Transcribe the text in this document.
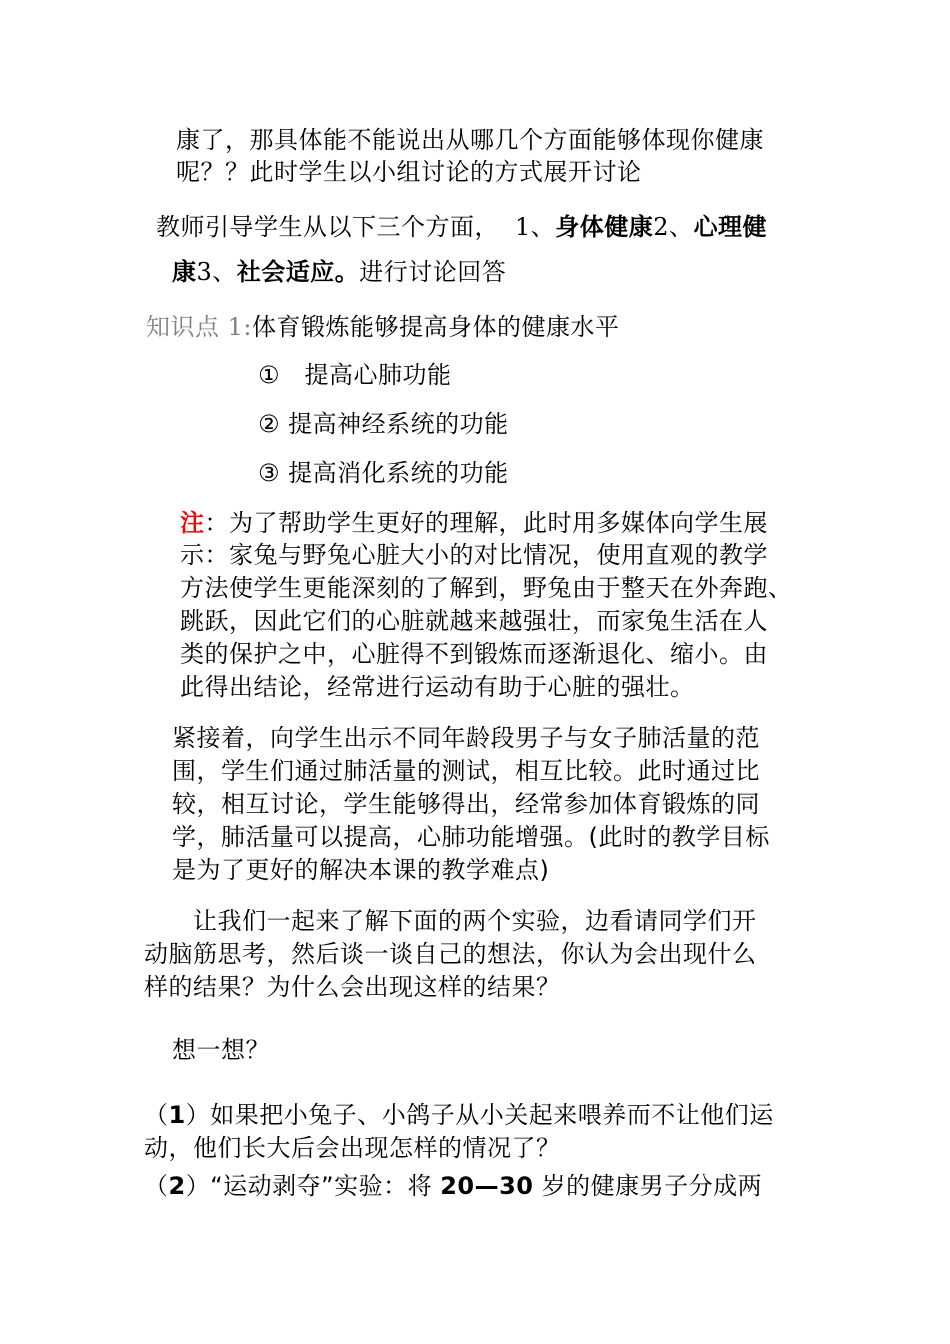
康了，那具体能不能说出从哪几个方面能够体现你健康
呢？？此时学生以小组讨论的方式展开讨论
教师引导学生从以下三个方面， 1、身体健康2、心理健
康3、社会适应。进行讨论回答
知识点 1:体育锻炼能够提高身体的健康水平
①　提高心肺功能
② 提高神经系统的功能
③ 提高消化系统的功能
注：为了帮助学生更好的理解，此时用多媒体向学生展
示：家兔与野兔心脏大小的对比情况，使用直观的教学
方法使学生更能深刻的了解到，野兔由于整天在外奔跑、
跳跃，因此它们的心脏就越来越强壮，而家兔生活在人
类的保护之中，心脏得不到锻炼而逐渐退化、缩小。由
此得出结论，经常进行运动有助于心脏的强壮。
紧接着，向学生出示不同年龄段男子与女子肺活量的范
围，学生们通过肺活量的测试，相互比较。此时通过比
较，相互讨论，学生能够得出，经常参加体育锻炼的同
学，肺活量可以提高，心肺功能增强。(此时的教学目标
是为了更好的解决本课的教学难点)
让我们一起来了解下面的两个实验，边看请同学们开
动脑筋思考，然后谈一谈自己的想法，你认为会出现什么
样的结果？为什么会出现这样的结果？
想一想？
（1）如果把小兔子、小鸽子从小关起来喂养而不让他们运
动，他们长大后会出现怎样的情况了？
（2）“运动剥夺”实验：将 20—30 岁的健康男子分成两
